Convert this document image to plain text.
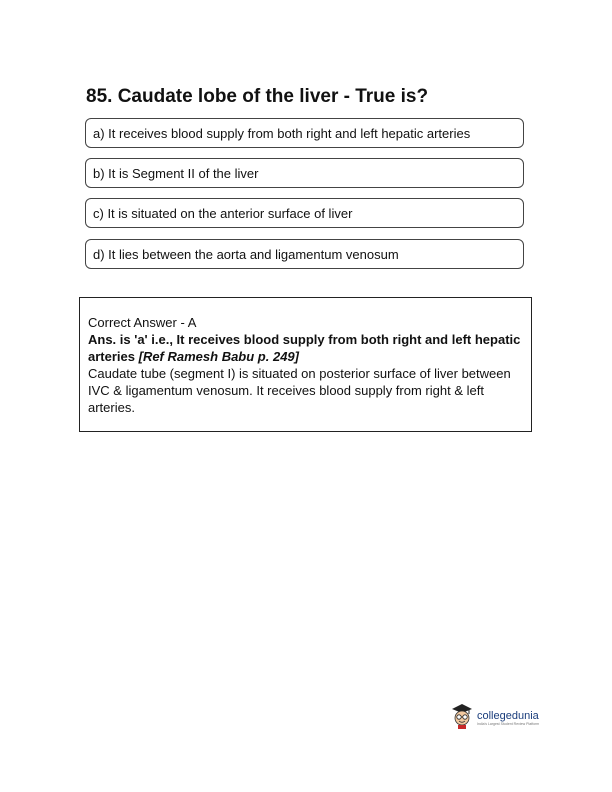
85. Caudate lobe of the liver - True is?
a) It receives blood supply from both right and left hepatic arteries
b) It is Segment II of the liver
c) It is situated on the anterior surface of liver
d) It lies between the aorta and ligamentum venosum
Correct Answer - A
Ans. is 'a' i.e., It receives blood supply from both right and left hepatic arteries [Ref Ramesh Babu p. 249]
Caudate tube (segment I) is situated on posterior surface of liver between IVC & ligamentum venosum. It receives blood supply from right & left arteries.
collegedunia
India's Largest Student Review Platform
